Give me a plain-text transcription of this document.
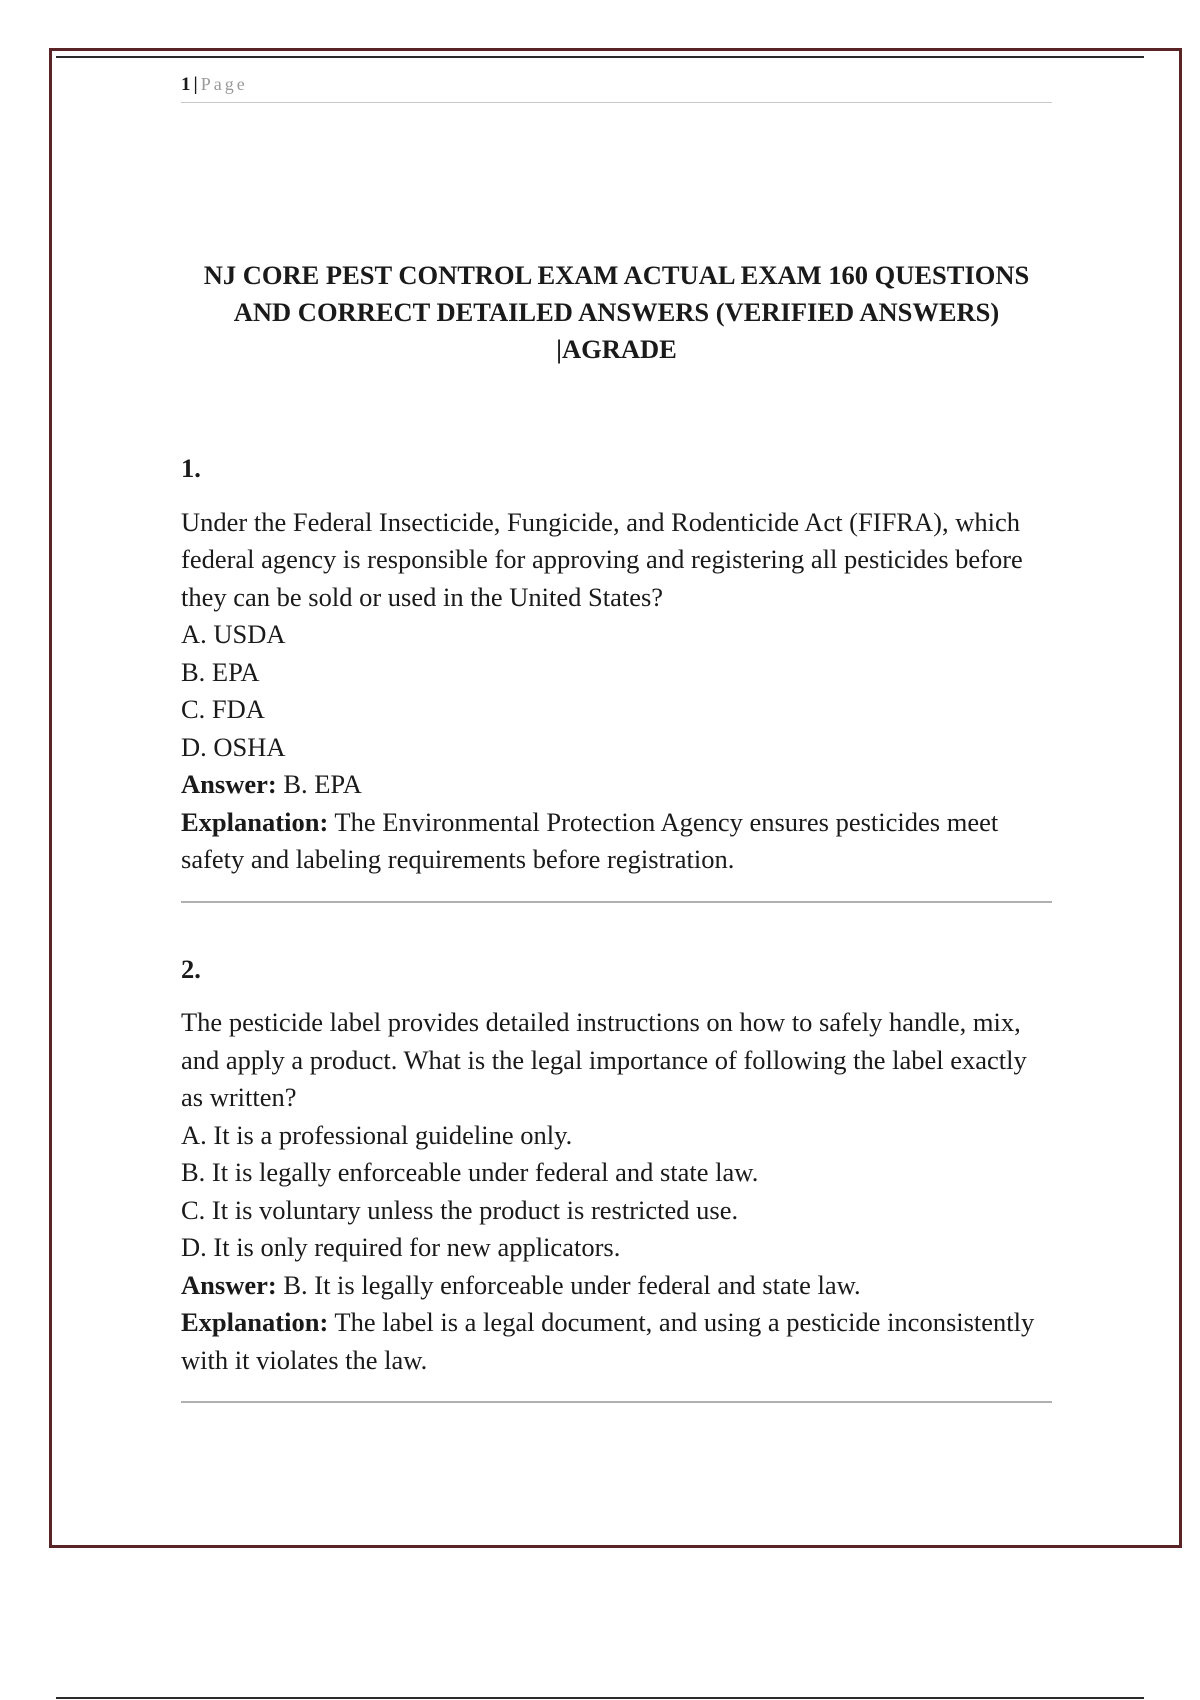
1 | Page
NJ CORE PEST CONTROL EXAM ACTUAL EXAM 160 QUESTIONS AND CORRECT DETAILED ANSWERS (VERIFIED ANSWERS) |AGRADE
1.

Under the Federal Insecticide, Fungicide, and Rodenticide Act (FIFRA), which federal agency is responsible for approving and registering all pesticides before they can be sold or used in the United States?

A. USDA

B. EPA

C. FDA

D. OSHA

Answer: B. EPA

Explanation: The Environmental Protection Agency ensures pesticides meet safety and labeling requirements before registration.

2.

The pesticide label provides detailed instructions on how to safely handle, mix, and apply a product. What is the legal importance of following the label exactly as written?

A. It is a professional guideline only.

B. It is legally enforceable under federal and state law.

C. It is voluntary unless the product is restricted use.

D. It is only required for new applicators.

Answer: B. It is legally enforceable under federal and state law.

Explanation: The label is a legal document, and using a pesticide inconsistently with it violates the law.
